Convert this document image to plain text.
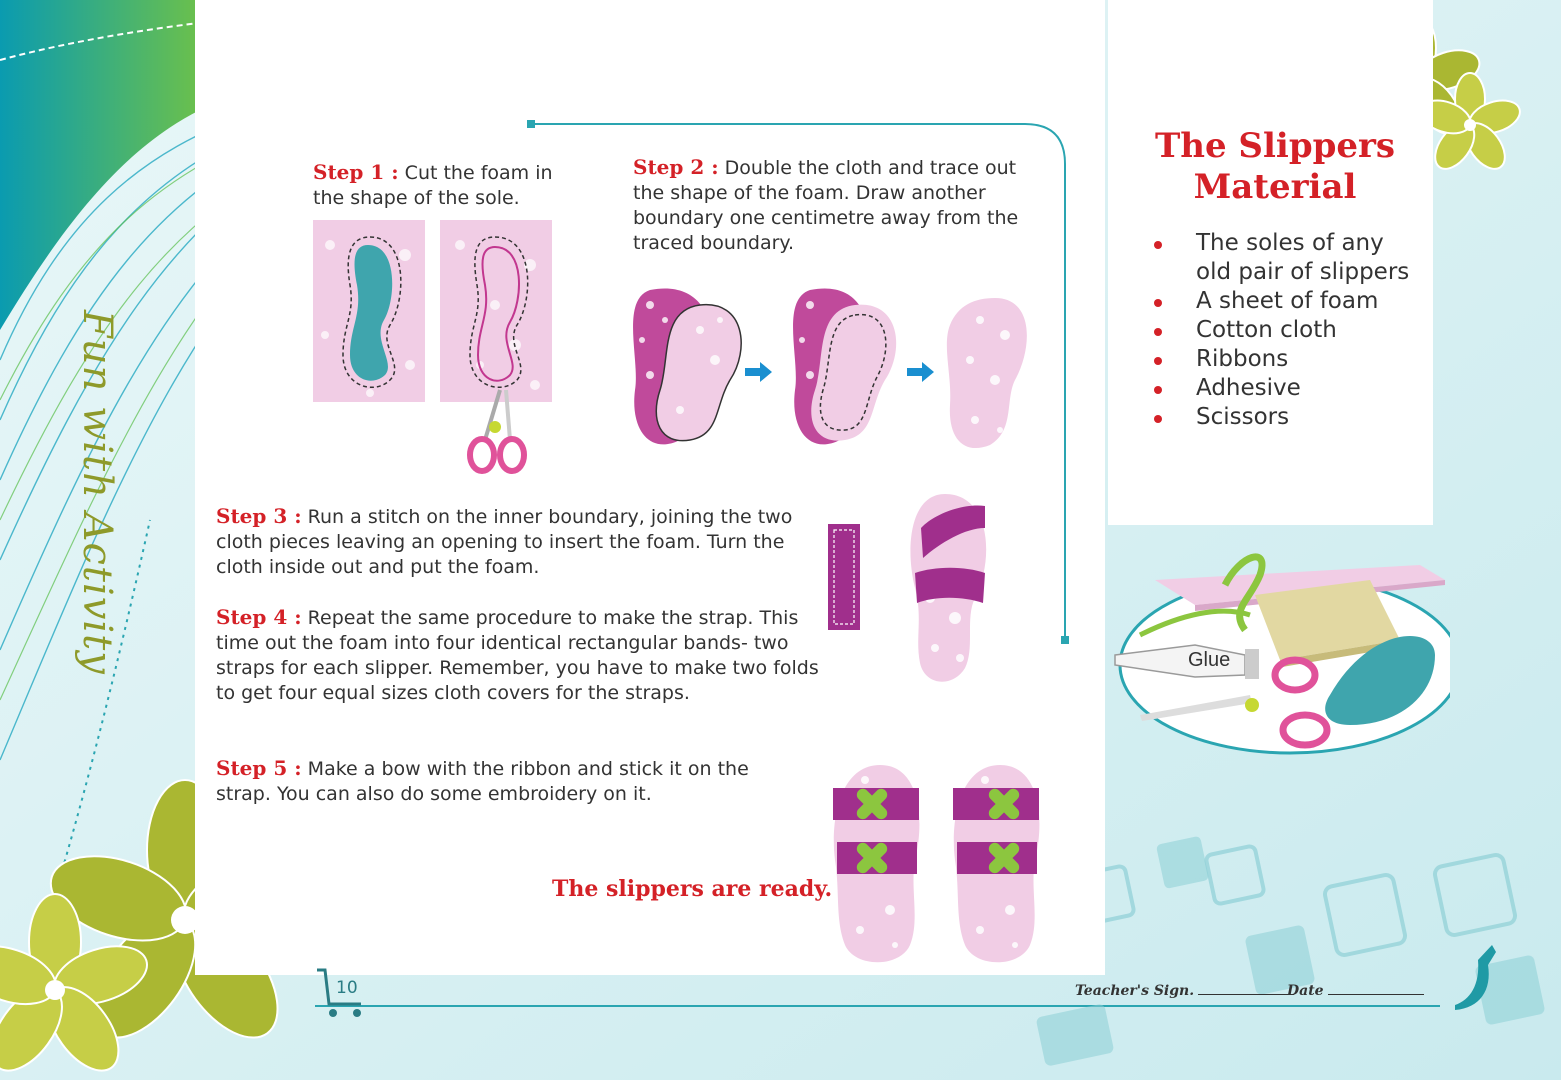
Fun with Activity
Step 1 : Cut the foam in the shape of the sole.
Step 2 : Double the cloth and trace out the shape of the foam. Draw another boundary one centimetre away from the traced boundary.
Step 3 : Run a stitch on the inner boundary, joining the two cloth pieces leaving an opening to insert the foam. Turn the cloth inside out and put the foam.
Step 4 : Repeat the same procedure to make the strap. This time out the foam into four identical rectangular bands- two straps for each slipper. Remember, you have to make two folds to get four equal sizes cloth covers for the straps.
Step 5 : Make a bow with the ribbon and stick it on the strap. You can also do some embroidery on it.
The slippers are ready.
The Slippers
Material
The soles of any old pair of slippers
A sheet of foam
Cotton cloth
Ribbons
Adhesive
Scissors
Glue
10	Teacher's Sign.	Date
